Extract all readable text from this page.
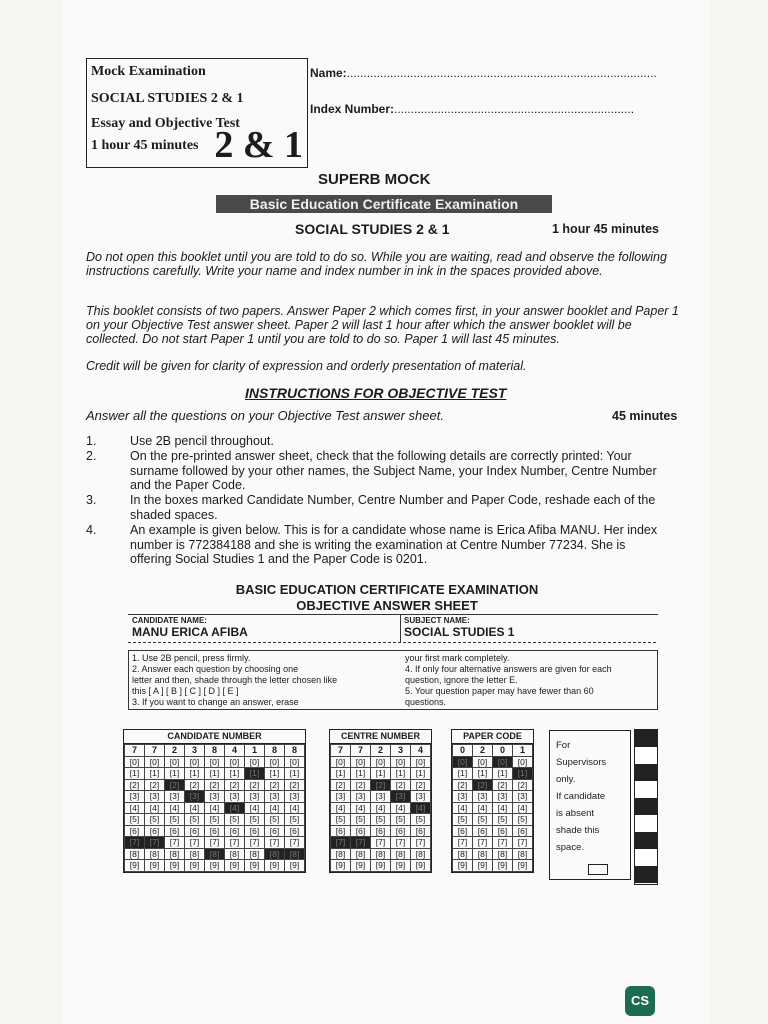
Mock Examination
SOCIAL STUDIES 2 & 1
Essay and Objective Test
1 hour 45 minutes 2 & 1
Name:.............................................................................................
Index Number:........................................................................
SUPERB MOCK
Basic Education Certificate Examination
SOCIAL STUDIES 2 & 1	1 hour 45 minutes
Do not open this booklet until you are told to do so. While you are waiting, read and observe the following instructions carefully. Write your name and index number in ink in the spaces provided above.
This booklet consists of two papers. Answer Paper 2 which comes first, in your answer booklet and Paper 1 on your Objective Test answer sheet. Paper 2 will last 1 hour after which the answer booklet will be collected. Do not start Paper 1 until you are told to do so. Paper 1 will last 45 minutes.
Credit will be given for clarity of expression and orderly presentation of material.
INSTRUCTIONS FOR OBJECTIVE TEST
Answer all the questions on your Objective Test answer sheet.	45 minutes
1.	Use 2B pencil throughout.
2.	On the pre-printed answer sheet, check that the following details are correctly printed: Your surname followed by your other names, the Subject Name, your Index Number, Centre Number and the Paper Code.
3.	In the boxes marked Candidate Number, Centre Number and Paper Code, reshade each of the shaded spaces.
4.	An example is given below. This is for a candidate whose name is Erica Afiba MANU. Her index number is 772384188 and she is writing the examination at Centre Number 77234. She is offering Social Studies 1 and the Paper Code is 0201.
BASIC EDUCATION CERTIFICATE EXAMINATION
OBJECTIVE ANSWER SHEET
CANDIDATE NAME:
MANU ERICA AFIBA
SUBJECT NAME:
SOCIAL STUDIES 1
1. Use 2B pencil, press firmly.
2. Answer each question by choosing one
letter and then, shade through the letter chosen like
this [ A ] [ B ] [ C ] [ D ] [ E ]
3. If you want to change an answer, erase
your first mark completely.
4. If only four alternative answers are given for each
question, ignore the letter E.
5. Your question paper may have fewer than 60
questions.
CANDIDATE NUMBER
7	7	2	3	8	4	1	8	8
[0]	[0]	[0]	[0]	[0]	[0]	[0]	[0]	[0]
[1]	[1]	[1]	[1]	[1]	[1]	[1]	[1]	[1]
[2]	[2]	[2]	[2]	[2]	[2]	[2]	[2]	[2]
[3]	[3]	[3]	[3]	[3]	[3]	[3]	[3]	[3]
[4]	[4]	[4]	[4]	[4]	[4]	[4]	[4]	[4]
[5]	[5]	[5]	[5]	[5]	[5]	[5]	[5]	[5]
[6]	[6]	[6]	[6]	[6]	[6]	[6]	[6]	[6]
[7]	[7]	[7]	[7]	[7]	[7]	[7]	[7]	[7]
[8]	[8]	[8]	[8]	[8]	[8]	[8]	[8]	[8]
[9]	[9]	[9]	[9]	[9]	[9]	[9]	[9]	[9]
CENTRE NUMBER
7	7	2	3	4
[0]	[0]	[0]	[0]	[0]
[1]	[1]	[1]	[1]	[1]
[2]	[2]	[2]	[2]	[2]
[3]	[3]	[3]	[3]	[3]
[4]	[4]	[4]	[4]	[4]
[5]	[5]	[5]	[5]	[5]
[6]	[6]	[6]	[6]	[6]
[7]	[7]	[7]	[7]	[7]
[8]	[8]	[8]	[8]	[8]
[9]	[9]	[9]	[9]	[9]
PAPER CODE
0	2	0	1
[0]	[0]	[0]	[0]
[1]	[1]	[1]	[1]
[2]	[2]	[2]	[2]
[3]	[3]	[3]	[3]
[4]	[4]	[4]	[4]
[5]	[5]	[5]	[5]
[6]	[6]	[6]	[6]
[7]	[7]	[7]	[7]
[8]	[8]	[8]	[8]
[9]	[9]	[9]	[9]
For
Supervisors
only.
If candidate
is absent
shade this
space.
CS
